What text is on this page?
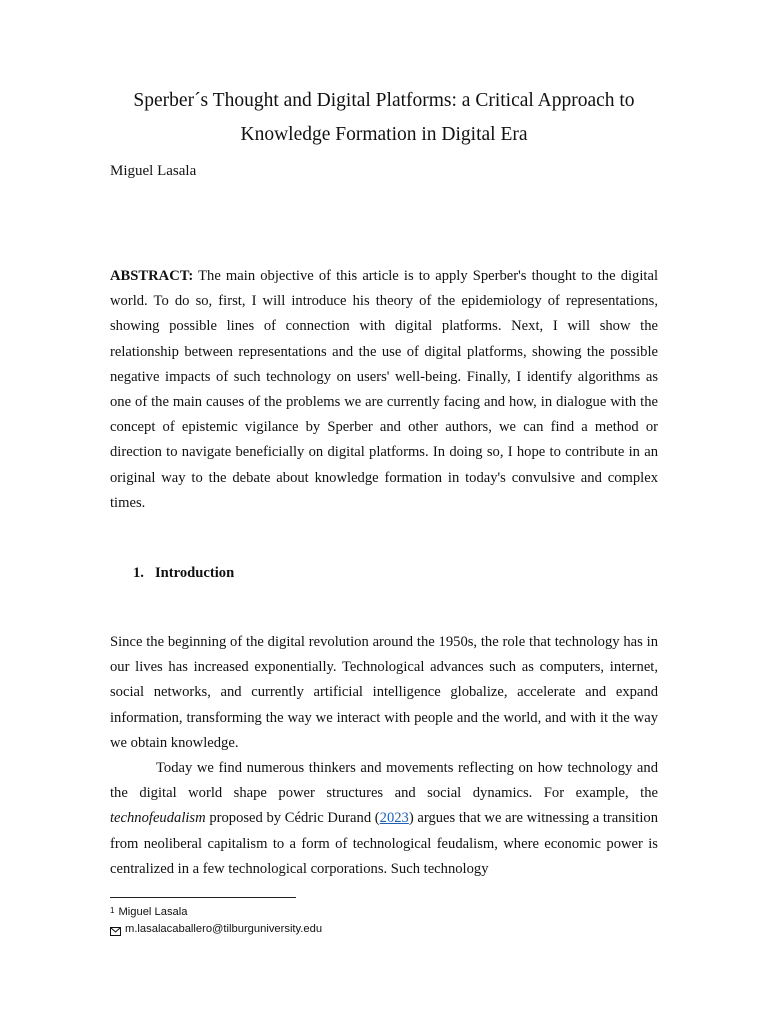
Sperber´s Thought and Digital Platforms: a Critical Approach to
Knowledge Formation in Digital Era

Miguel Lasala

ABSTRACT: The main objective of this article is to apply Sperber's thought to the digital world. To do so, first, I will introduce his theory of the epidemiology of representations, showing possible lines of connection with digital platforms. Next, I will show the relationship between representations and the use of digital platforms, showing the possible negative impacts of such technology on users' well-being. Finally, I identify algorithms as one of the main causes of the problems we are currently facing and how, in dialogue with the concept of epistemic vigilance by Sperber and other authors, we can find a method or direction to navigate beneficially on digital platforms. In doing so, I hope to contribute in an original way to the debate about knowledge formation in today's convulsive and complex times.

1. Introduction

Since the beginning of the digital revolution around the 1950s, the role that technology has in our lives has increased exponentially. Technological advances such as computers, internet, social networks, and currently artificial intelligence globalize, accelerate and expand information, transforming the way we interact with people and the world, and with it the way we obtain knowledge.

Today we find numerous thinkers and movements reflecting on how technology and the digital world shape power structures and social dynamics. For example, the technofeudalism proposed by Cédric Durand (2023) argues that we are witnessing a transition from neoliberal capitalism to a form of technological feudalism, where economic power is centralized in a few technological corporations. Such technology

$^1$ Miguel Lasala
m.lasalacaballero@tilburguniversity.edu
